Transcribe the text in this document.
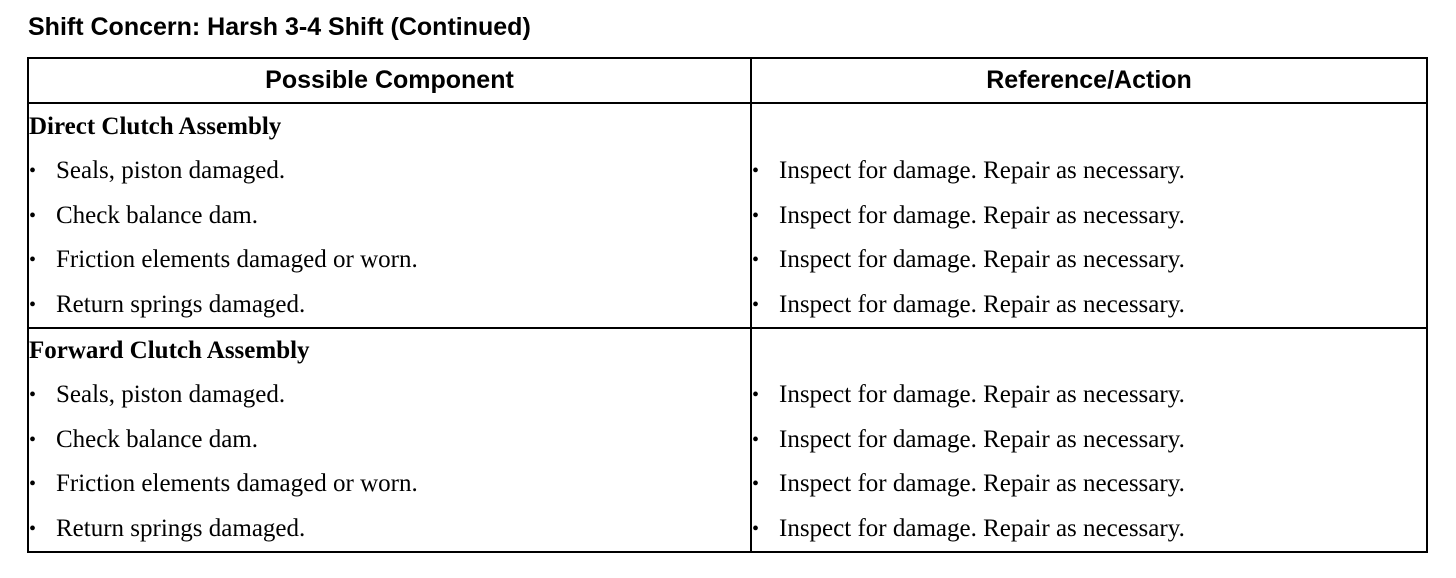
Shift Concern: Harsh 3-4 Shift (Continued)
Possible Component	Reference/Action
Direct Clutch Assembly	
• Seals, piston damaged.	• Inspect for damage. Repair as necessary.
• Check balance dam.	• Inspect for damage. Repair as necessary.
• Friction elements damaged or worn.	• Inspect for damage. Repair as necessary.
• Return springs damaged.	• Inspect for damage. Repair as necessary.
Forward Clutch Assembly	
• Seals, piston damaged.	• Inspect for damage. Repair as necessary.
• Check balance dam.	• Inspect for damage. Repair as necessary.
• Friction elements damaged or worn.	• Inspect for damage. Repair as necessary.
• Return springs damaged.	• Inspect for damage. Repair as necessary.
